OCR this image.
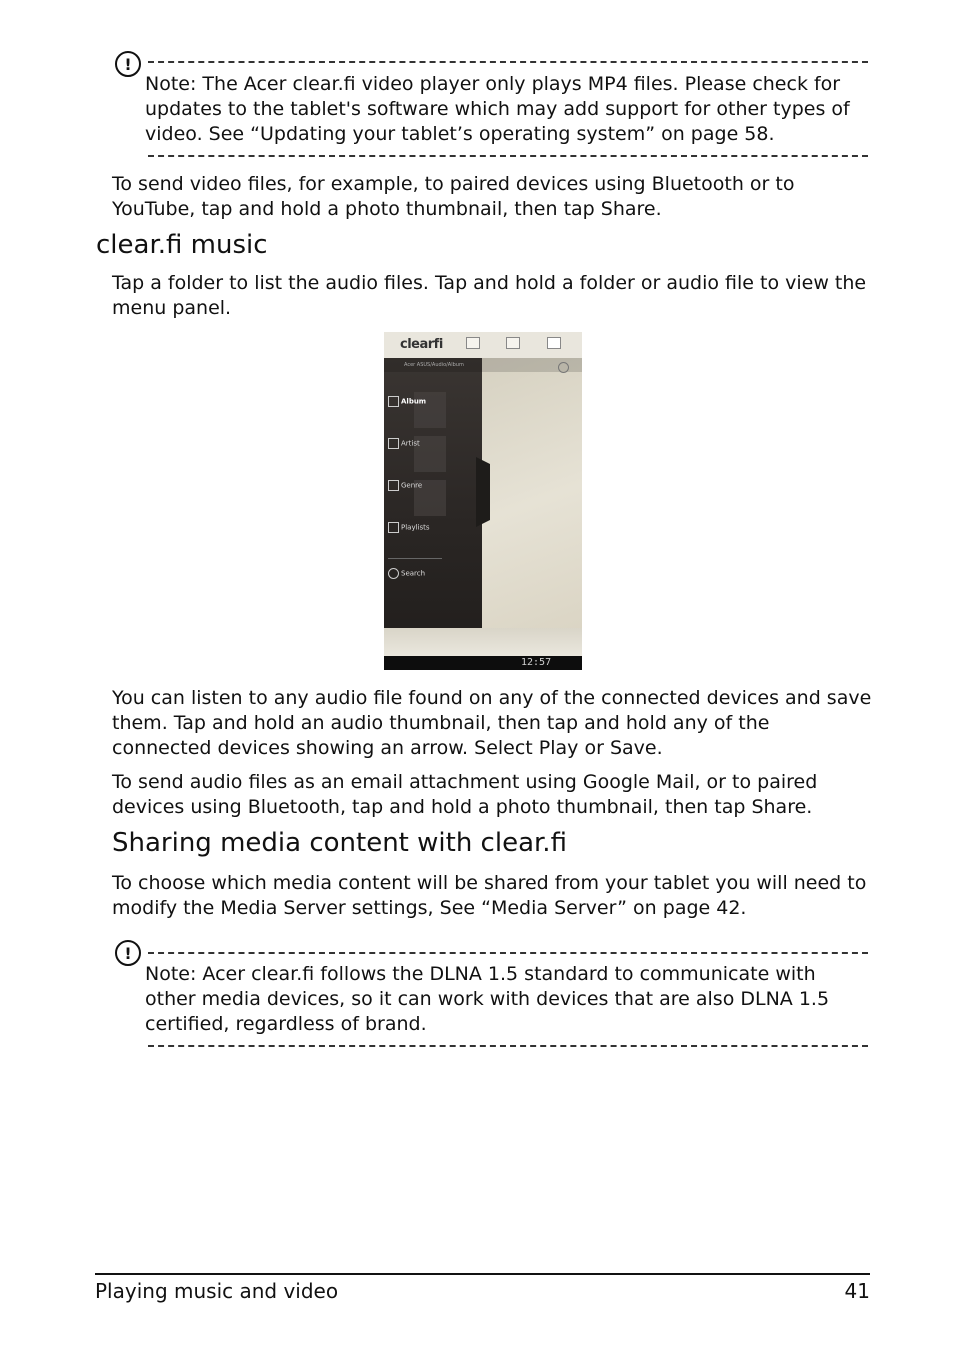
!
Note: The Acer clear.fi video player only plays MP4 files. Please check for updates to the tablet's software which may add support for other types of video. See “Updating your tablet’s operating system” on page 58.
To send video files, for example, to paired devices using Bluetooth or to YouTube, tap and hold a photo thumbnail, then tap Share.
clear.fi music
Tap a folder to list the audio files. Tap and hold a folder or audio file to view the menu panel.
clearfi
Acer ASUS/Audio/Album
Album
Artist
Genre
Playlists
Search
12:57
You can listen to any audio file found on any of the connected devices and save them. Tap and hold an audio thumbnail, then tap and hold any of the connected devices showing an arrow. Select Play or Save.
To send audio files as an email attachment using Google Mail, or to paired devices using Bluetooth, tap and hold a photo thumbnail, then tap Share.
Sharing media content with clear.fi
To choose which media content will be shared from your tablet you will need to modify the Media Server settings, See “Media Server” on page 42.
!
Note: Acer clear.fi follows the DLNA 1.5 standard to communicate with other media devices, so it can work with devices that are also DLNA 1.5 certified, regardless of brand.
Playing music and video	41
